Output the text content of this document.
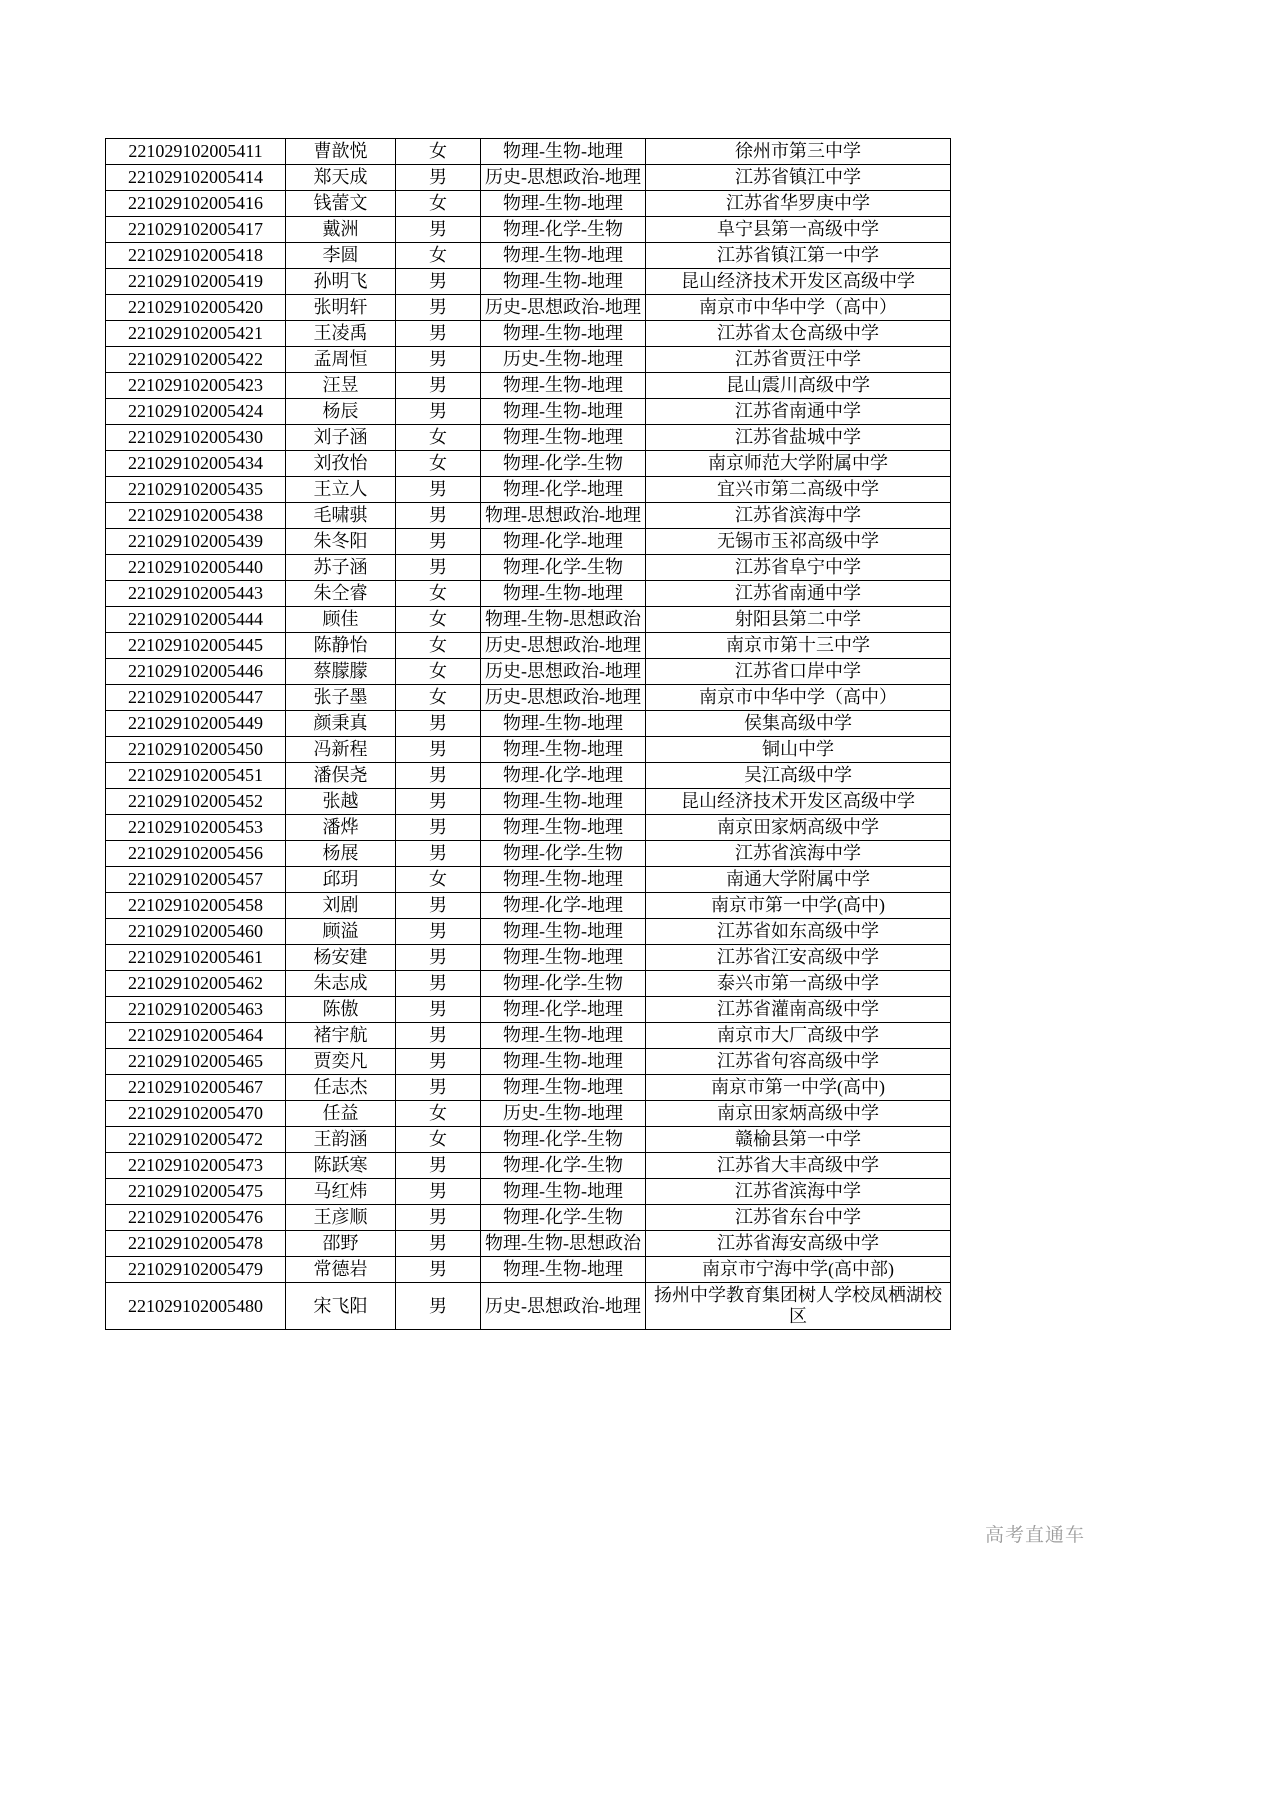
221029102005411	曹歆悦	女	物理-生物-地理	徐州市第三中学
221029102005414	郑天成	男	历史-思想政治-地理	江苏省镇江中学
221029102005416	钱蕾文	女	物理-生物-地理	江苏省华罗庚中学
221029102005417	戴洲	男	物理-化学-生物	阜宁县第一高级中学
221029102005418	李圆	女	物理-生物-地理	江苏省镇江第一中学
221029102005419	孙明飞	男	物理-生物-地理	昆山经济技术开发区高级中学
221029102005420	张明轩	男	历史-思想政治-地理	南京市中华中学（高中）
221029102005421	王凌禹	男	物理-生物-地理	江苏省太仓高级中学
221029102005422	孟周恒	男	历史-生物-地理	江苏省贾汪中学
221029102005423	汪昱	男	物理-生物-地理	昆山震川高级中学
221029102005424	杨辰	男	物理-生物-地理	江苏省南通中学
221029102005430	刘子涵	女	物理-生物-地理	江苏省盐城中学
221029102005434	刘孜怡	女	物理-化学-生物	南京师范大学附属中学
221029102005435	王立人	男	物理-化学-地理	宜兴市第二高级中学
221029102005438	毛啸骐	男	物理-思想政治-地理	江苏省滨海中学
221029102005439	朱冬阳	男	物理-化学-地理	无锡市玉祁高级中学
221029102005440	苏子涵	男	物理-化学-生物	江苏省阜宁中学
221029102005443	朱仝睿	女	物理-生物-地理	江苏省南通中学
221029102005444	顾佳	女	物理-生物-思想政治	射阳县第二中学
221029102005445	陈静怡	女	历史-思想政治-地理	南京市第十三中学
221029102005446	蔡朦朦	女	历史-思想政治-地理	江苏省口岸中学
221029102005447	张子墨	女	历史-思想政治-地理	南京市中华中学（高中）
221029102005449	颜秉真	男	物理-生物-地理	侯集高级中学
221029102005450	冯新程	男	物理-生物-地理	铜山中学
221029102005451	潘俣尧	男	物理-化学-地理	吴江高级中学
221029102005452	张越	男	物理-生物-地理	昆山经济技术开发区高级中学
221029102005453	潘烨	男	物理-生物-地理	南京田家炳高级中学
221029102005456	杨展	男	物理-化学-生物	江苏省滨海中学
221029102005457	邱玥	女	物理-生物-地理	南通大学附属中学
221029102005458	刘剧	男	物理-化学-地理	南京市第一中学(高中)
221029102005460	顾溢	男	物理-生物-地理	江苏省如东高级中学
221029102005461	杨安建	男	物理-生物-地理	江苏省江安高级中学
221029102005462	朱志成	男	物理-化学-生物	泰兴市第一高级中学
221029102005463	陈傲	男	物理-化学-地理	江苏省灌南高级中学
221029102005464	褚宇航	男	物理-生物-地理	南京市大厂高级中学
221029102005465	贾奕凡	男	物理-生物-地理	江苏省句容高级中学
221029102005467	任志杰	男	物理-生物-地理	南京市第一中学(高中)
221029102005470	任益	女	历史-生物-地理	南京田家炳高级中学
221029102005472	王韵涵	女	物理-化学-生物	赣榆县第一中学
221029102005473	陈跃寒	男	物理-化学-生物	江苏省大丰高级中学
221029102005475	马红炜	男	物理-生物-地理	江苏省滨海中学
221029102005476	王彦顺	男	物理-化学-生物	江苏省东台中学
221029102005478	邵野	男	物理-生物-思想政治	江苏省海安高级中学
221029102005479	常德岩	男	物理-生物-地理	南京市宁海中学(高中部)
221029102005480	宋飞阳	男	历史-思想政治-地理	扬州中学教育集团树人学校凤栖湖校区
高考直通车
